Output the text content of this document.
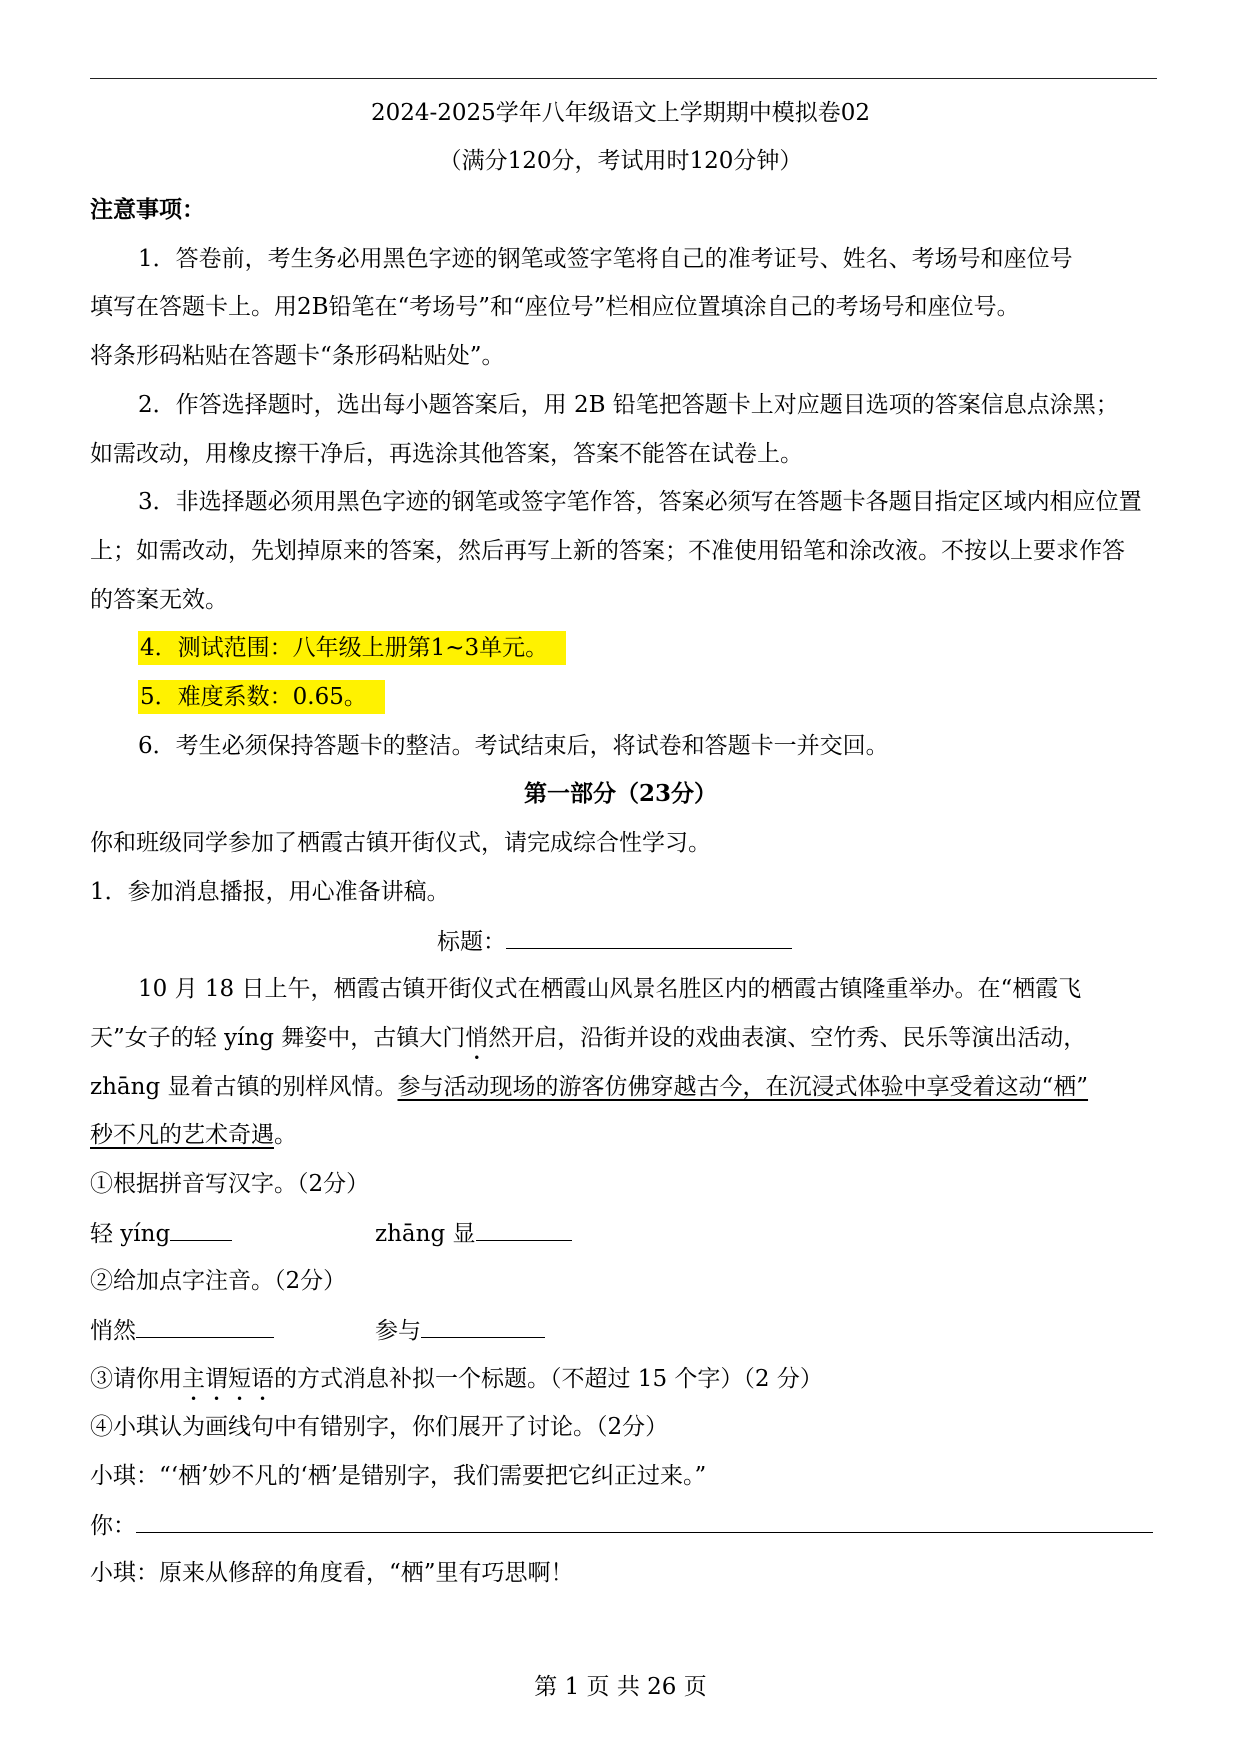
2024-2025学年八年级语文上学期期中模拟卷02
（满分120分，考试用时120分钟）
注意事项：
1．答卷前，考生务必用黑色字迹的钢笔或签字笔将自己的准考证号、姓名、考场号和座位号
填写在答题卡上。用2B铅笔在“考场号”和“座位号”栏相应位置填涂自己的考场号和座位号。
将条形码粘贴在答题卡“条形码粘贴处”。
2．作答选择题时，选出每小题答案后，用 2B 铅笔把答题卡上对应题目选项的答案信息点涂黑；
如需改动，用橡皮擦干净后，再选涂其他答案，答案不能答在试卷上。
3．非选择题必须用黑色字迹的钢笔或签字笔作答，答案必须写在答题卡各题目指定区域内相应位置
上；如需改动，先划掉原来的答案，然后再写上新的答案；不准使用铅笔和涂改液。不按以上要求作答
的答案无效。
4．测试范围：八年级上册第1~3单元。
5．难度系数：0.65。
6．考生必须保持答题卡的整洁。考试结束后，将试卷和答题卡一并交回。
第一部分（23分）
你和班级同学参加了栖霞古镇开街仪式，请完成综合性学习。
1．参加消息播报，用心准备讲稿。
标题：
10 月 18 日上午，栖霞古镇开街仪式在栖霞山风景名胜区内的栖霞古镇隆重举办。在“栖霞飞
天”女子的轻 yíng 舞姿中，古镇大门悄然开启，沿街并设的戏曲表演、空竹秀、民乐等演出活动，
zhāng 显着古镇的别样风情。参与活动现场的游客仿佛穿越古今，在沉浸式体验中享受着这动“栖”
秒不凡的艺术奇遇。
①根据拼音写汉字。（2分）
轻 yíng	zhāng 显
②给加点字注音。（2分）
悄然	参与
③请你用主谓短语的方式消息补拟一个标题。（不超过 15 个字）（2 分）
④小琪认为画线句中有错别字，你们展开了讨论。（2分）
小琪：“‘栖’妙不凡的‘栖’是错别字，我们需要把它纠正过来。”
你：
小琪：原来从修辞的角度看，“栖”里有巧思啊！
第 1 页 共 26 页
